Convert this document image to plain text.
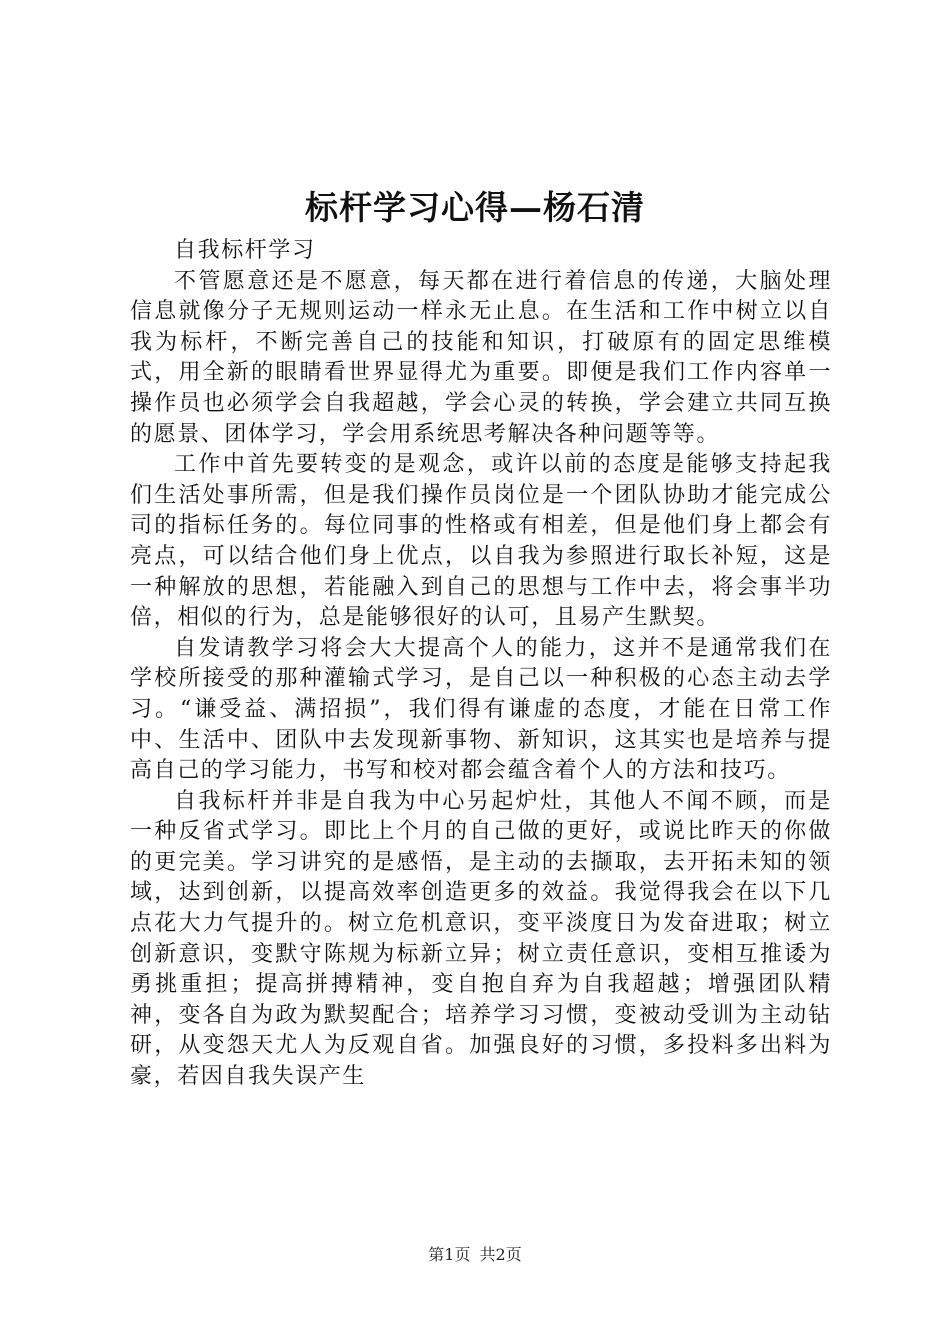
标杆学习心得—杨石清

自我标杆学习

不管愿意还是不愿意，每天都在进行着信息的传递，大脑处理信息就像分子无规则运动一样永无止息。在生活和工作中树立以自我为标杆，不断完善自己的技能和知识，打破原有的固定思维模式，用全新的眼睛看世界显得尤为重要。即便是我们工作内容单一操作员也必须学会自我超越，学会心灵的转换，学会建立共同互换的愿景、团体学习，学会用系统思考解决各种问题等等。

工作中首先要转变的是观念，或许以前的态度是能够支持起我们生活处事所需，但是我们操作员岗位是一个团队协助才能完成公司的指标任务的。每位同事的性格或有相差，但是他们身上都会有亮点，可以结合他们身上优点，以自我为参照进行取长补短，这是一种解放的思想，若能融入到自己的思想与工作中去，将会事半功倍，相似的行为，总是能够很好的认可，且易产生默契。

自发请教学习将会大大提高个人的能力，这并不是通常我们在学校所接受的那种灌输式学习，是自己以一种积极的心态主动去学习。“谦受益、满招损”，我们得有谦虚的态度，才能在日常工作中、生活中、团队中去发现新事物、新知识，这其实也是培养与提高自己的学习能力，书写和校对都会蕴含着个人的方法和技巧。

自我标杆并非是自我为中心另起炉灶，其他人不闻不顾，而是一种反省式学习。即比上个月的自己做的更好，或说比昨天的你做的更完美。学习讲究的是感悟，是主动的去撷取，去开拓未知的领域，达到创新，以提高效率创造更多的效益。我觉得我会在以下几点花大力气提升的。树立危机意识，变平淡度日为发奋进取；树立创新意识，变默守陈规为标新立异；树立责任意识，变相互推诿为勇挑重担；提高拼搏精神，变自抱自弃为自我超越；增强团队精神，变各自为政为默契配合；培养学习习惯，变被动受训为主动钻研，从变怨天尤人为反观自省。加强良好的习惯，多投料多出料为豪，若因自我失误产生

第1页 共2页
